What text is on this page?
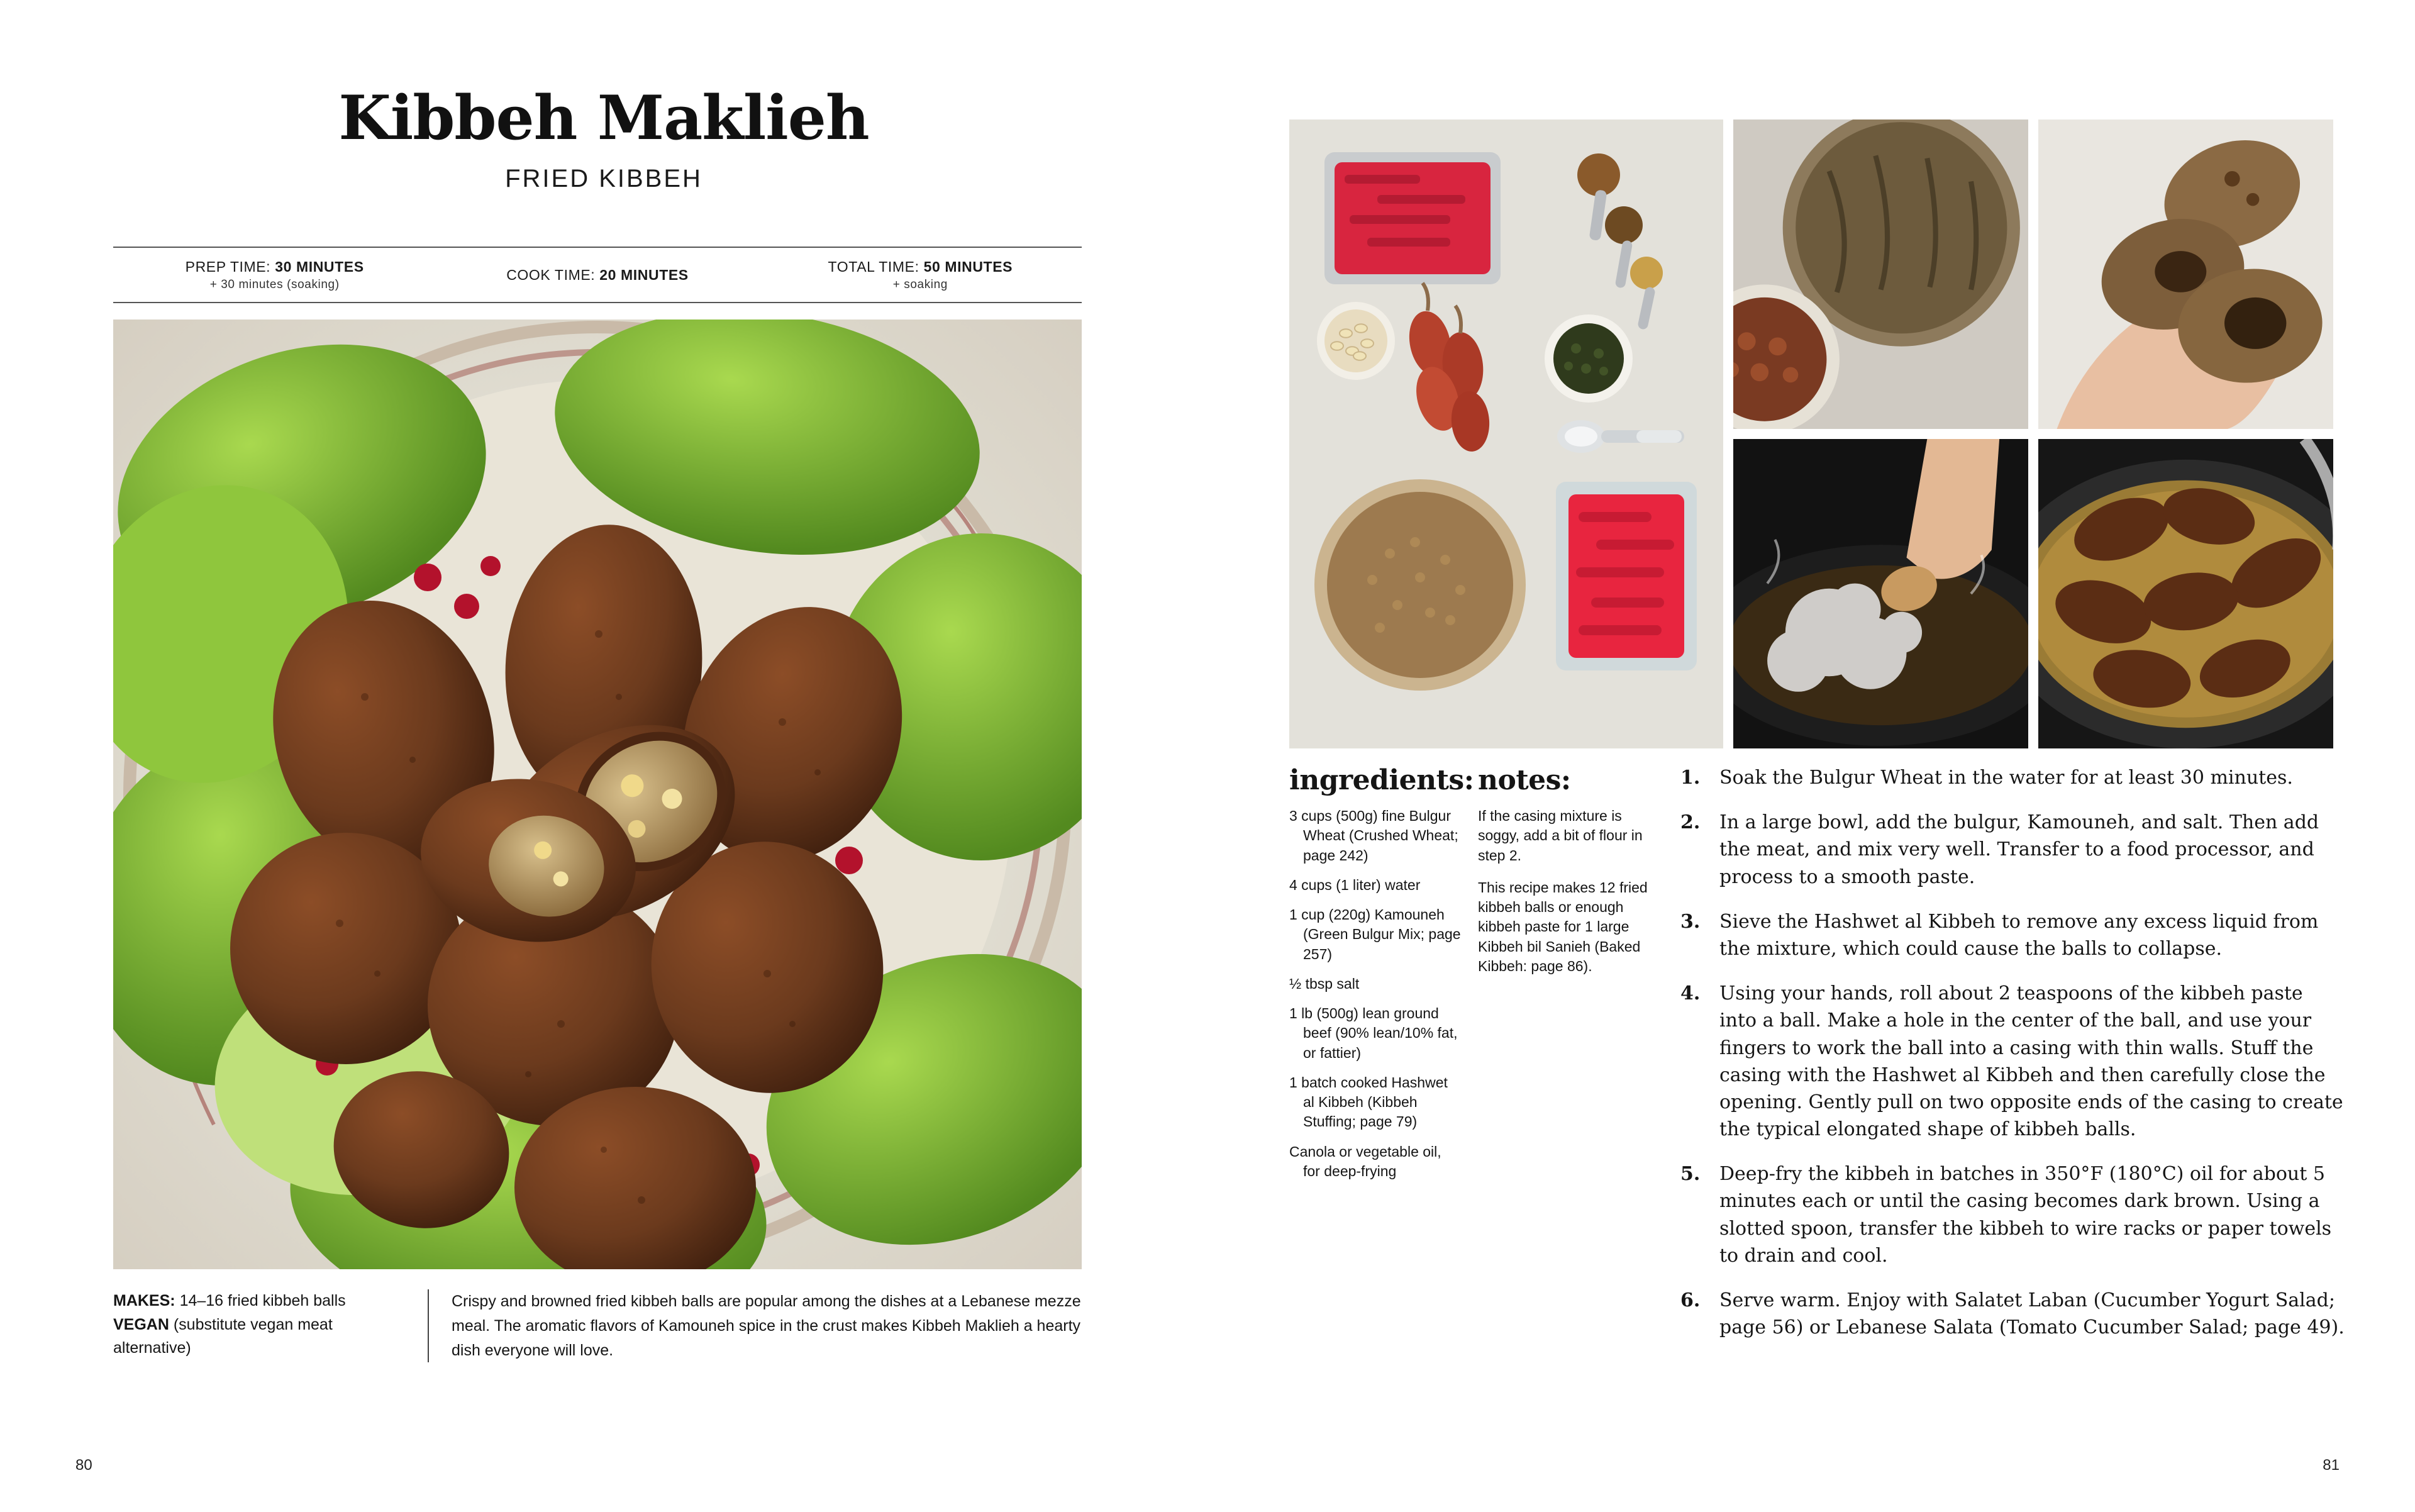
Kibbeh Maklieh
FRIED KIBBEH
PREP TIME: 30 MINUTES
+ 30 minutes (soaking)
COOK TIME: 20 MINUTES	TOTAL TIME: 50 MINUTES
+ soaking
MAKES: 14–16 fried kibbeh balls
VEGAN (substitute vegan meat alternative)
Crispy and browned fried kibbeh balls are popular among the dishes at a Lebanese mezze meal. The aromatic flavors of Kamouneh spice in the crust makes Kibbeh Maklieh a hearty dish everyone will love.
80
ingredients:
3 cups (500g) fine Bulgur Wheat (Crushed Wheat; page 242)
4 cups (1 liter) water
1 cup (220g) Kamouneh (Green Bulgur Mix; page 257)
½ tbsp salt
1 lb (500g) lean ground beef (90% lean/10% fat, or fattier)
1 batch cooked Hashwet al Kibbeh (Kibbeh Stuffing; page 79)
Canola or vegetable oil, for deep-frying
notes:
If the casing mixture is soggy, add a bit of flour in step 2.
This recipe makes 12 fried kibbeh balls or enough kibbeh paste for 1 large Kibbeh bil Sanieh (Baked Kibbeh: page 86).
1. Soak the Bulgur Wheat in the water for at least 30 minutes.
2. In a large bowl, add the bulgur, Kamouneh, and salt. Then add the meat, and mix very well. Transfer to a food processor, and process to a smooth paste.
3. Sieve the Hashwet al Kibbeh to remove any excess liquid from the mixture, which could cause the balls to collapse.
4. Using your hands, roll about 2 teaspoons of the kibbeh paste into a ball. Make a hole in the center of the ball, and use your fingers to work the ball into a casing with thin walls. Stuff the casing with the Hashwet al Kibbeh and then carefully close the opening. Gently pull on two opposite ends of the casing to create the typical elongated shape of kibbeh balls.
5. Deep-fry the kibbeh in batches in 350°F (180°C) oil for about 5 minutes each or until the casing becomes dark brown. Using a slotted spoon, transfer the kibbeh to wire racks or paper towels to drain and cool.
6. Serve warm. Enjoy with Salatet Laban (Cucumber Yogurt Salad; page 56) or Lebanese Salata (Tomato Cucumber Salad; page 49).
81
